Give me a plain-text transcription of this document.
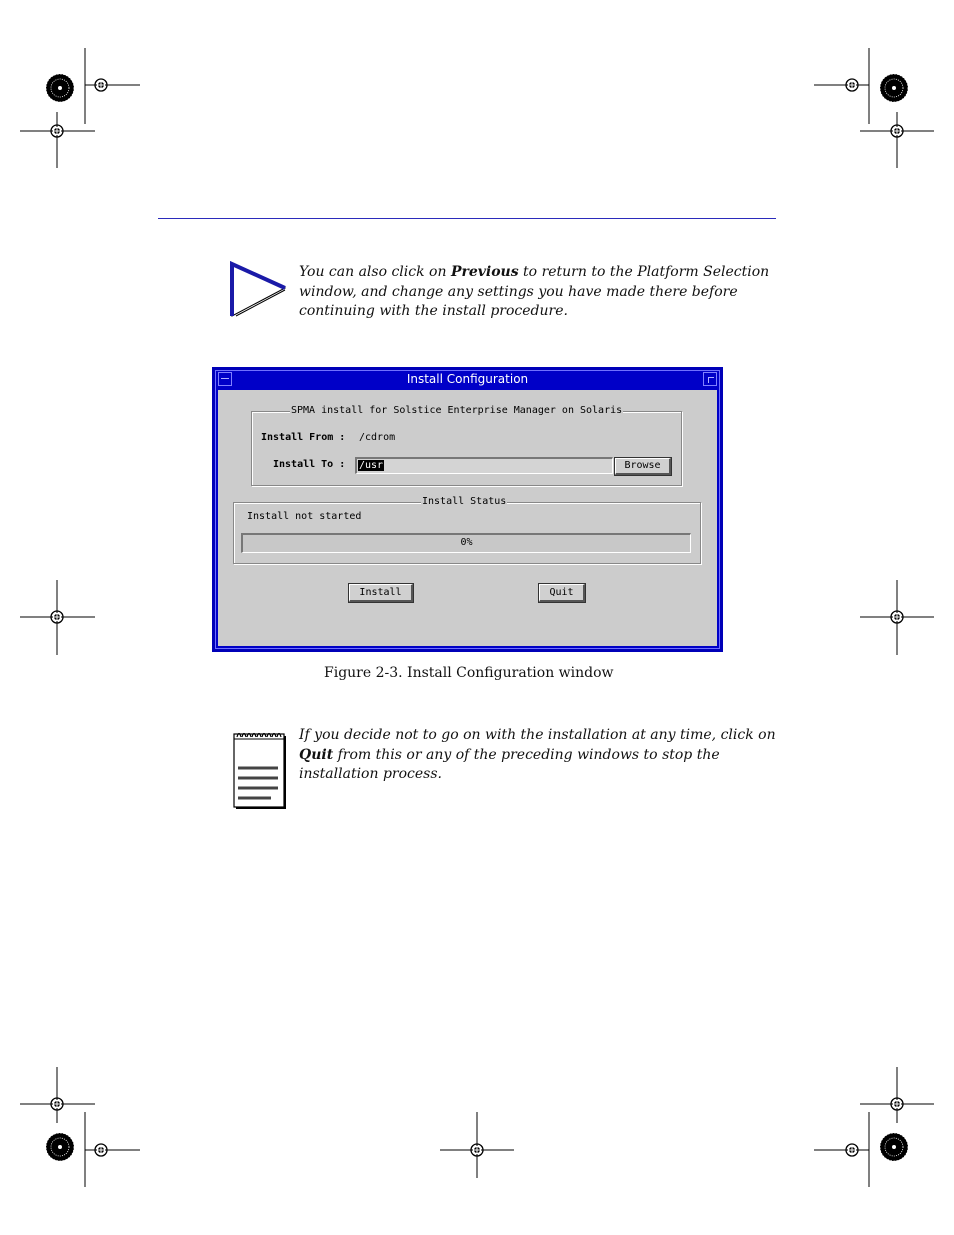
You can also click on Previous to return to the Platform Selection window, and change any settings you have made there before continuing with the install procedure.
Install Configuration
SPMA install for Solstice Enterprise Manager on Solaris
Install From : /cdrom
Install To : /usr	Browse
Install Status
Install not started
0%
Install	Quit
Figure 2-3. Install Configuration window
If you decide not to go on with the installation at any time, click on Quit from this or any of the preceding windows to stop the installation process.
